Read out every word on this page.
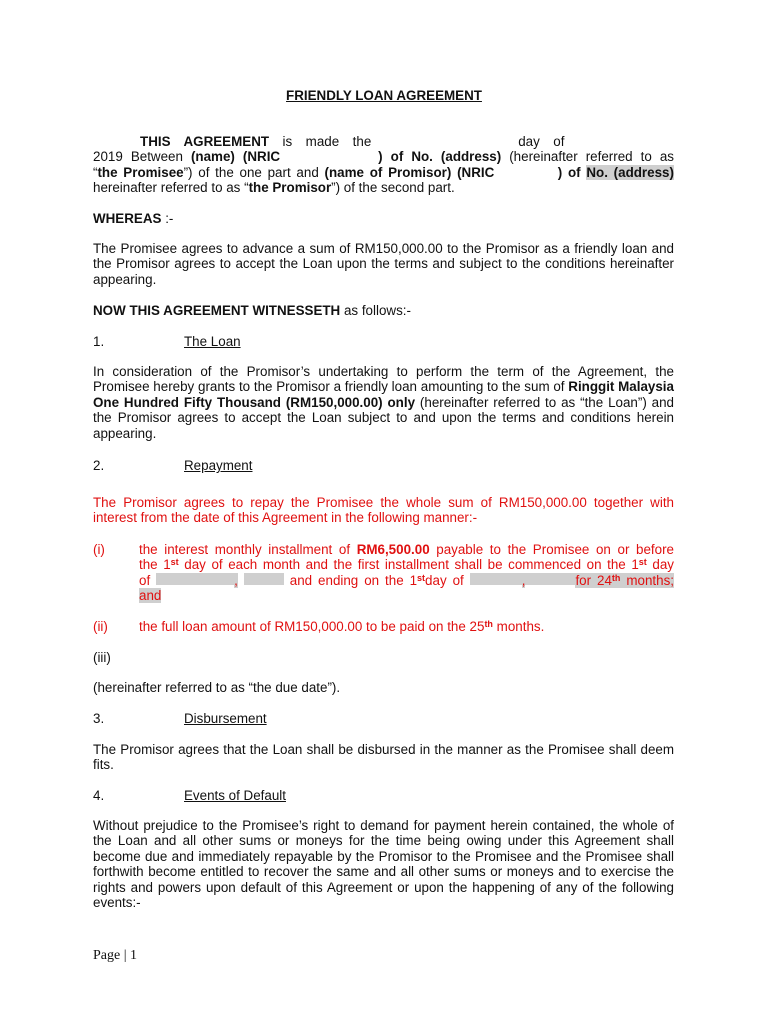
FRIENDLY LOAN AGREEMENT
THIS AGREEMENT is made the	day of
2019 Between (name) (NRIC	) of No. (address) (hereinafter referred to as
“the Promisee”) of the one part and (name of Promisor) (NRIC	) of No. (address)
hereinafter referred to as “the Promisor”) of the second part.
WHEREAS :-
The Promisee agrees to advance a sum of RM150,000.00 to the Promisor as a friendly loan and the Promisor agrees to accept the Loan upon the terms and subject to the conditions hereinafter appearing.
NOW THIS AGREEMENT WITNESSETH as follows:-
1.	The Loan
In consideration of the Promisor’s undertaking to perform the term of the Agreement, the Promisee hereby grants to the Promisor a friendly loan amounting to the sum of Ringgit Malaysia One Hundred Fifty Thousand (RM150,000.00) only (hereinafter referred to as “the Loan”) and the Promisor agrees to accept the Loan subject to and upon the terms and conditions herein appearing.
2.	Repayment
The Promisor agrees to repay the Promisee the whole sum of RM150,000.00 together with interest from the date of this Agreement in the following manner:-
(i)	the interest monthly installment of RM6,500.00 payable to the Promisee on or before
the 1st day of each month and the first installment shall be commenced on the 1st day
of	,	and ending on the 1stday of	,	for 24th months;
and
(ii) the full loan amount of RM150,000.00 to be paid on the 25th months.
(iii)
(hereinafter referred to as “the due date”).
3.	Disbursement
The Promisor agrees that the Loan shall be disbursed in the manner as the Promisee shall deem fits.
4.	Events of Default
Without prejudice to the Promisee’s right to demand for payment herein contained, the whole of the Loan and all other sums or moneys for the time being owing under this Agreement shall become due and immediately repayable by the Promisor to the Promisee and the Promisee shall forthwith become entitled to recover the same and all other sums or moneys and to exercise the rights and powers upon default of this Agreement or upon the happening of any of the following events:-
Page | 1
